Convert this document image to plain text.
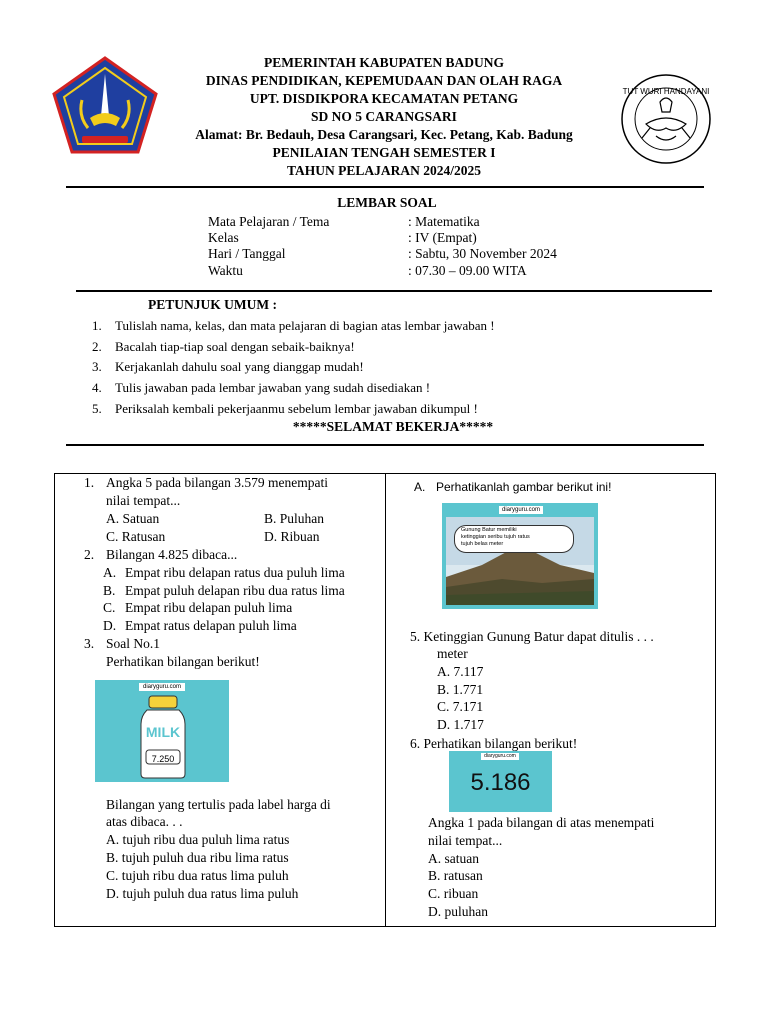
TUT WURI HANDAYANI
PEMERINTAH KABUPATEN BADUNG
DINAS PENDIDIKAN, KEPEMUDAAN DAN OLAH RAGA
UPT. DISDIKPORA KECAMATAN PETANG
SD NO 5 CARANGSARI
Alamat: Br. Bedauh, Desa Carangsari, Kec. Petang, Kab. Badung
PENILAIAN TENGAH SEMESTER I
TAHUN PELAJARAN 2024/2025
LEMBAR SOAL
Mata Pelajaran / Tema	: Matematika
Kelas	: IV (Empat)
Hari / Tanggal	: Sabtu, 30 November 2024
Waktu	: 07.30 – 09.00 WITA
PETUNJUK UMUM :
1. Tulislah nama, kelas, dan mata pelajaran di bagian atas lembar jawaban !
2. Bacalah tiap-tiap soal dengan sebaik-baiknya!
3. Kerjakanlah dahulu soal yang dianggap mudah!
4. Tulis jawaban pada lembar jawaban yang sudah disediakan !
5. Periksalah kembali pekerjaanmu sebelum lembar jawaban dikumpul !
*****SELAMAT BEKERJA*****
1. Angka 5 pada bilangan 3.579 menempati
nilai tempat...
A. Satuan	B. Puluhan
C. Ratusan	D. Ribuan
2. Bilangan 4.825 dibaca...
A. Empat ribu delapan ratus dua puluh lima
B. Empat puluh delapan ribu dua ratus lima
C. Empat ribu delapan puluh lima
D. Empat ratus delapan puluh lima
3. Soal No.1
Perhatikan bilangan berikut!
diaryguru.com
MILK
7.250
Bilangan yang tertulis pada label harga di
atas dibaca. . .
A. tujuh ribu dua puluh lima ratus
B. tujuh puluh dua ribu lima ratus
C. tujuh ribu dua ratus lima puluh
D. tujuh puluh dua ratus lima puluh
A. Perhatikanlah gambar berikut ini!
diaryguru.com
Gunung Batur memiliki
ketinggian seribu tujuh ratus
tujuh belas meter
5. Ketinggian Gunung Batur dapat ditulis . . .
meter
A. 7.117
B. 1.771
C. 7.171
D. 1.717
6. Perhatikan bilangan berikut!
diaryguru.com
5.186
Angka 1 pada bilangan di atas menempati
nilai tempat...
A. satuan
B. ratusan
C. ribuan
D. puluhan
